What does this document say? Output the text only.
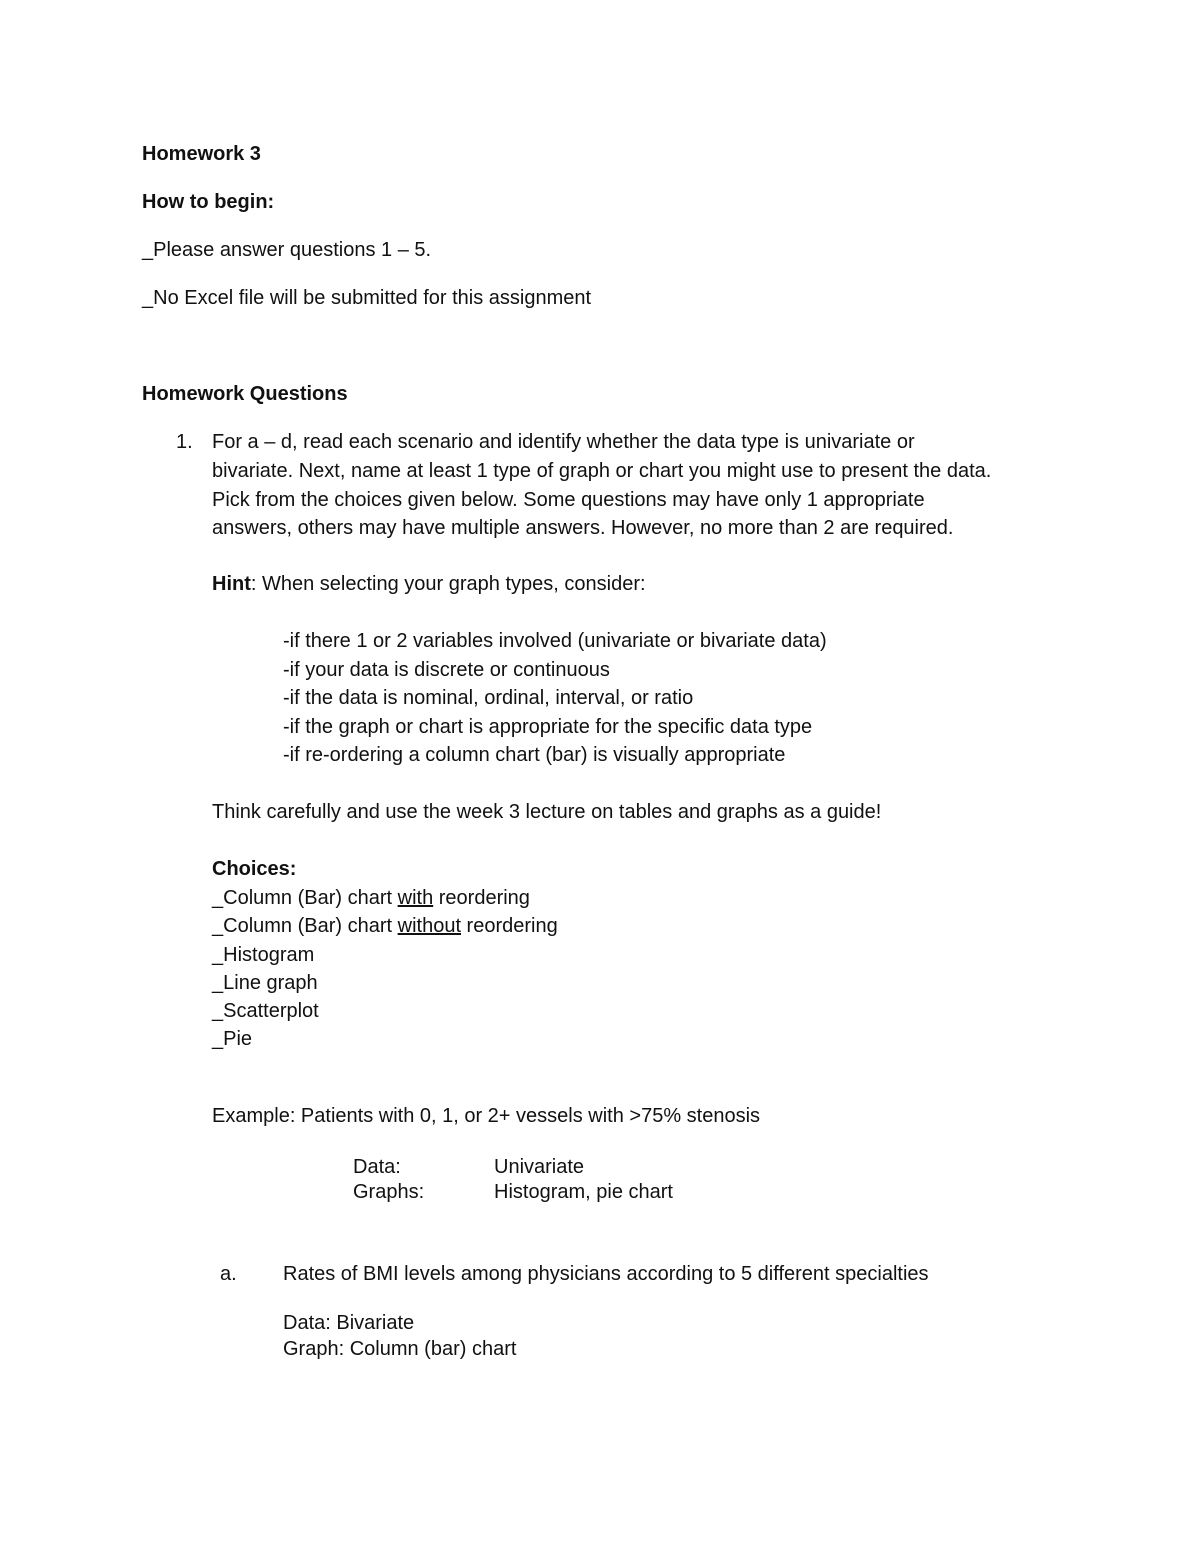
Homework 3
How to begin:
_Please answer questions 1 – 5.
_No Excel file will be submitted for this assignment
Homework Questions
1. For a – d, read each scenario and identify whether the data type is univariate or
bivariate. Next, name at least 1 type of graph or chart you might use to present the data.
Pick from the choices given below. Some questions may have only 1 appropriate
answers, others may have multiple answers. However, no more than 2 are required.
Hint: When selecting your graph types, consider:
-if there 1 or 2 variables involved (univariate or bivariate data)
-if your data is discrete or continuous
-if the data is nominal, ordinal, interval, or ratio
-if the graph or chart is appropriate for the specific data type
-if re-ordering a column chart (bar) is visually appropriate
Think carefully and use the week 3 lecture on tables and graphs as a guide!
Choices:
_Column (Bar) chart with reordering
_Column (Bar) chart without reordering
_Histogram
_Line graph
_Scatterplot
_Pie
Example: Patients with 0, 1, or 2+ vessels with >75% stenosis
Data:	Univariate
Graphs:	Histogram, pie chart
a. Rates of BMI levels among physicians according to 5 different specialties
Data: Bivariate
Graph: Column (bar) chart
